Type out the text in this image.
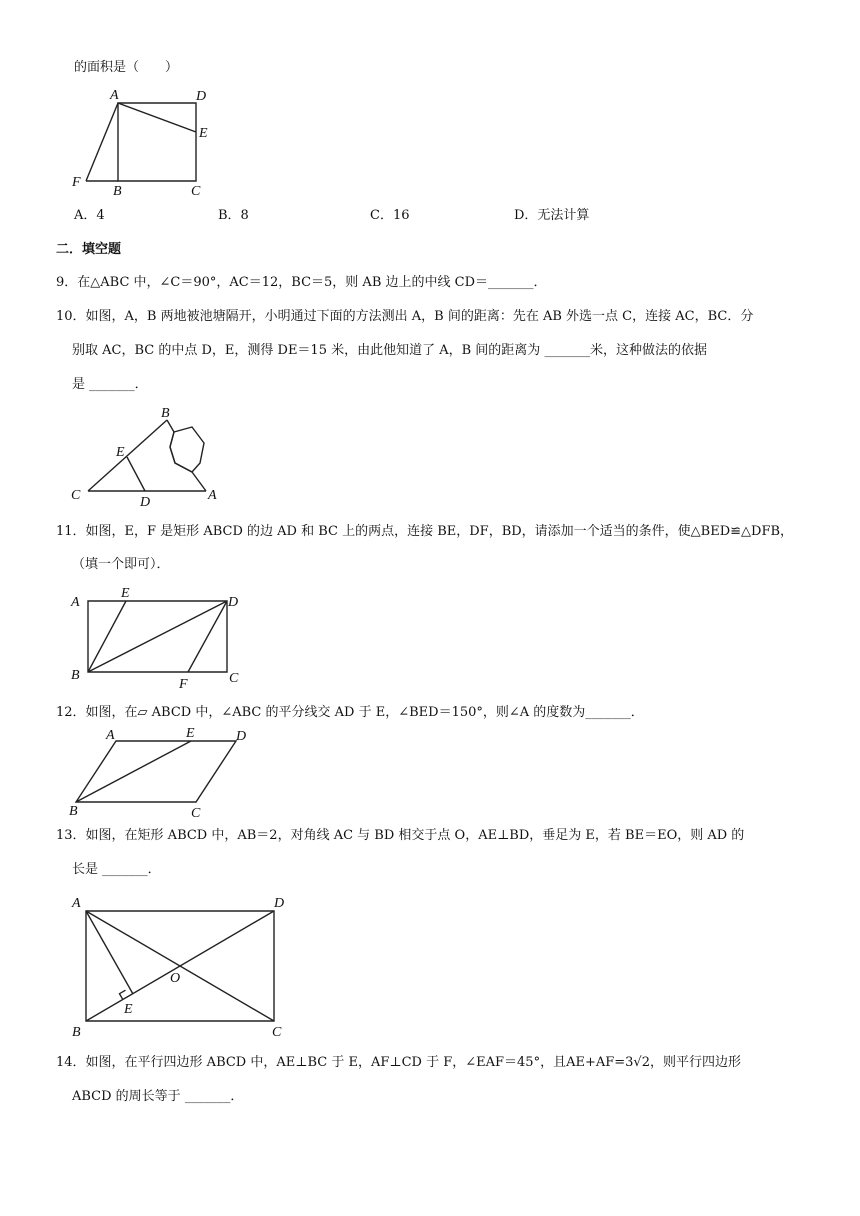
的面积是（　　）
A	D
E
F
B	C
A．4	B．8	C．16	D．无法计算
二．填空题
9．在△ABC 中，∠C＝90°，AC＝12，BC＝5，则 AB 边上的中线 CD＝_______．
10．如图，A，B 两地被池塘隔开，小明通过下面的方法测出 A，B 间的距离：先在 AB 外选一点 C，连接 AC，BC．分
别取 AC，BC 的中点 D，E，测得 DE＝15 米，由此他知道了 A，B 间的距离为 _______米，这种做法的依据
是 _______．
B
E
C	D	A
11．如图，E，F 是矩形 ABCD 的边 AD 和 BC 上的两点，连接 BE，DF，BD，请添加一个适当的条件，使△BED≌△DFB，
（填一个即可）．
A
E
D
B
F	C
12．如图，在▱ ABCD 中，∠ABC 的平分线交 AD 于 E，∠BED＝150°，则∠A 的度数为_______．
A	E	D
B	C
13．如图，在矩形 ABCD 中，AB＝2，对角线 AC 与 BD 相交于点 O，AE⊥BD，垂足为 E，若 BE＝EO，则 AD 的
长是 _______．
A	D
O
E
B	C
14．如图，在平行四边形 ABCD 中，AE⊥BC 于 E，AF⊥CD 于 F，∠EAF＝45°，且AE+AF=3√2，则平行四边形
ABCD 的周长等于 _______．
